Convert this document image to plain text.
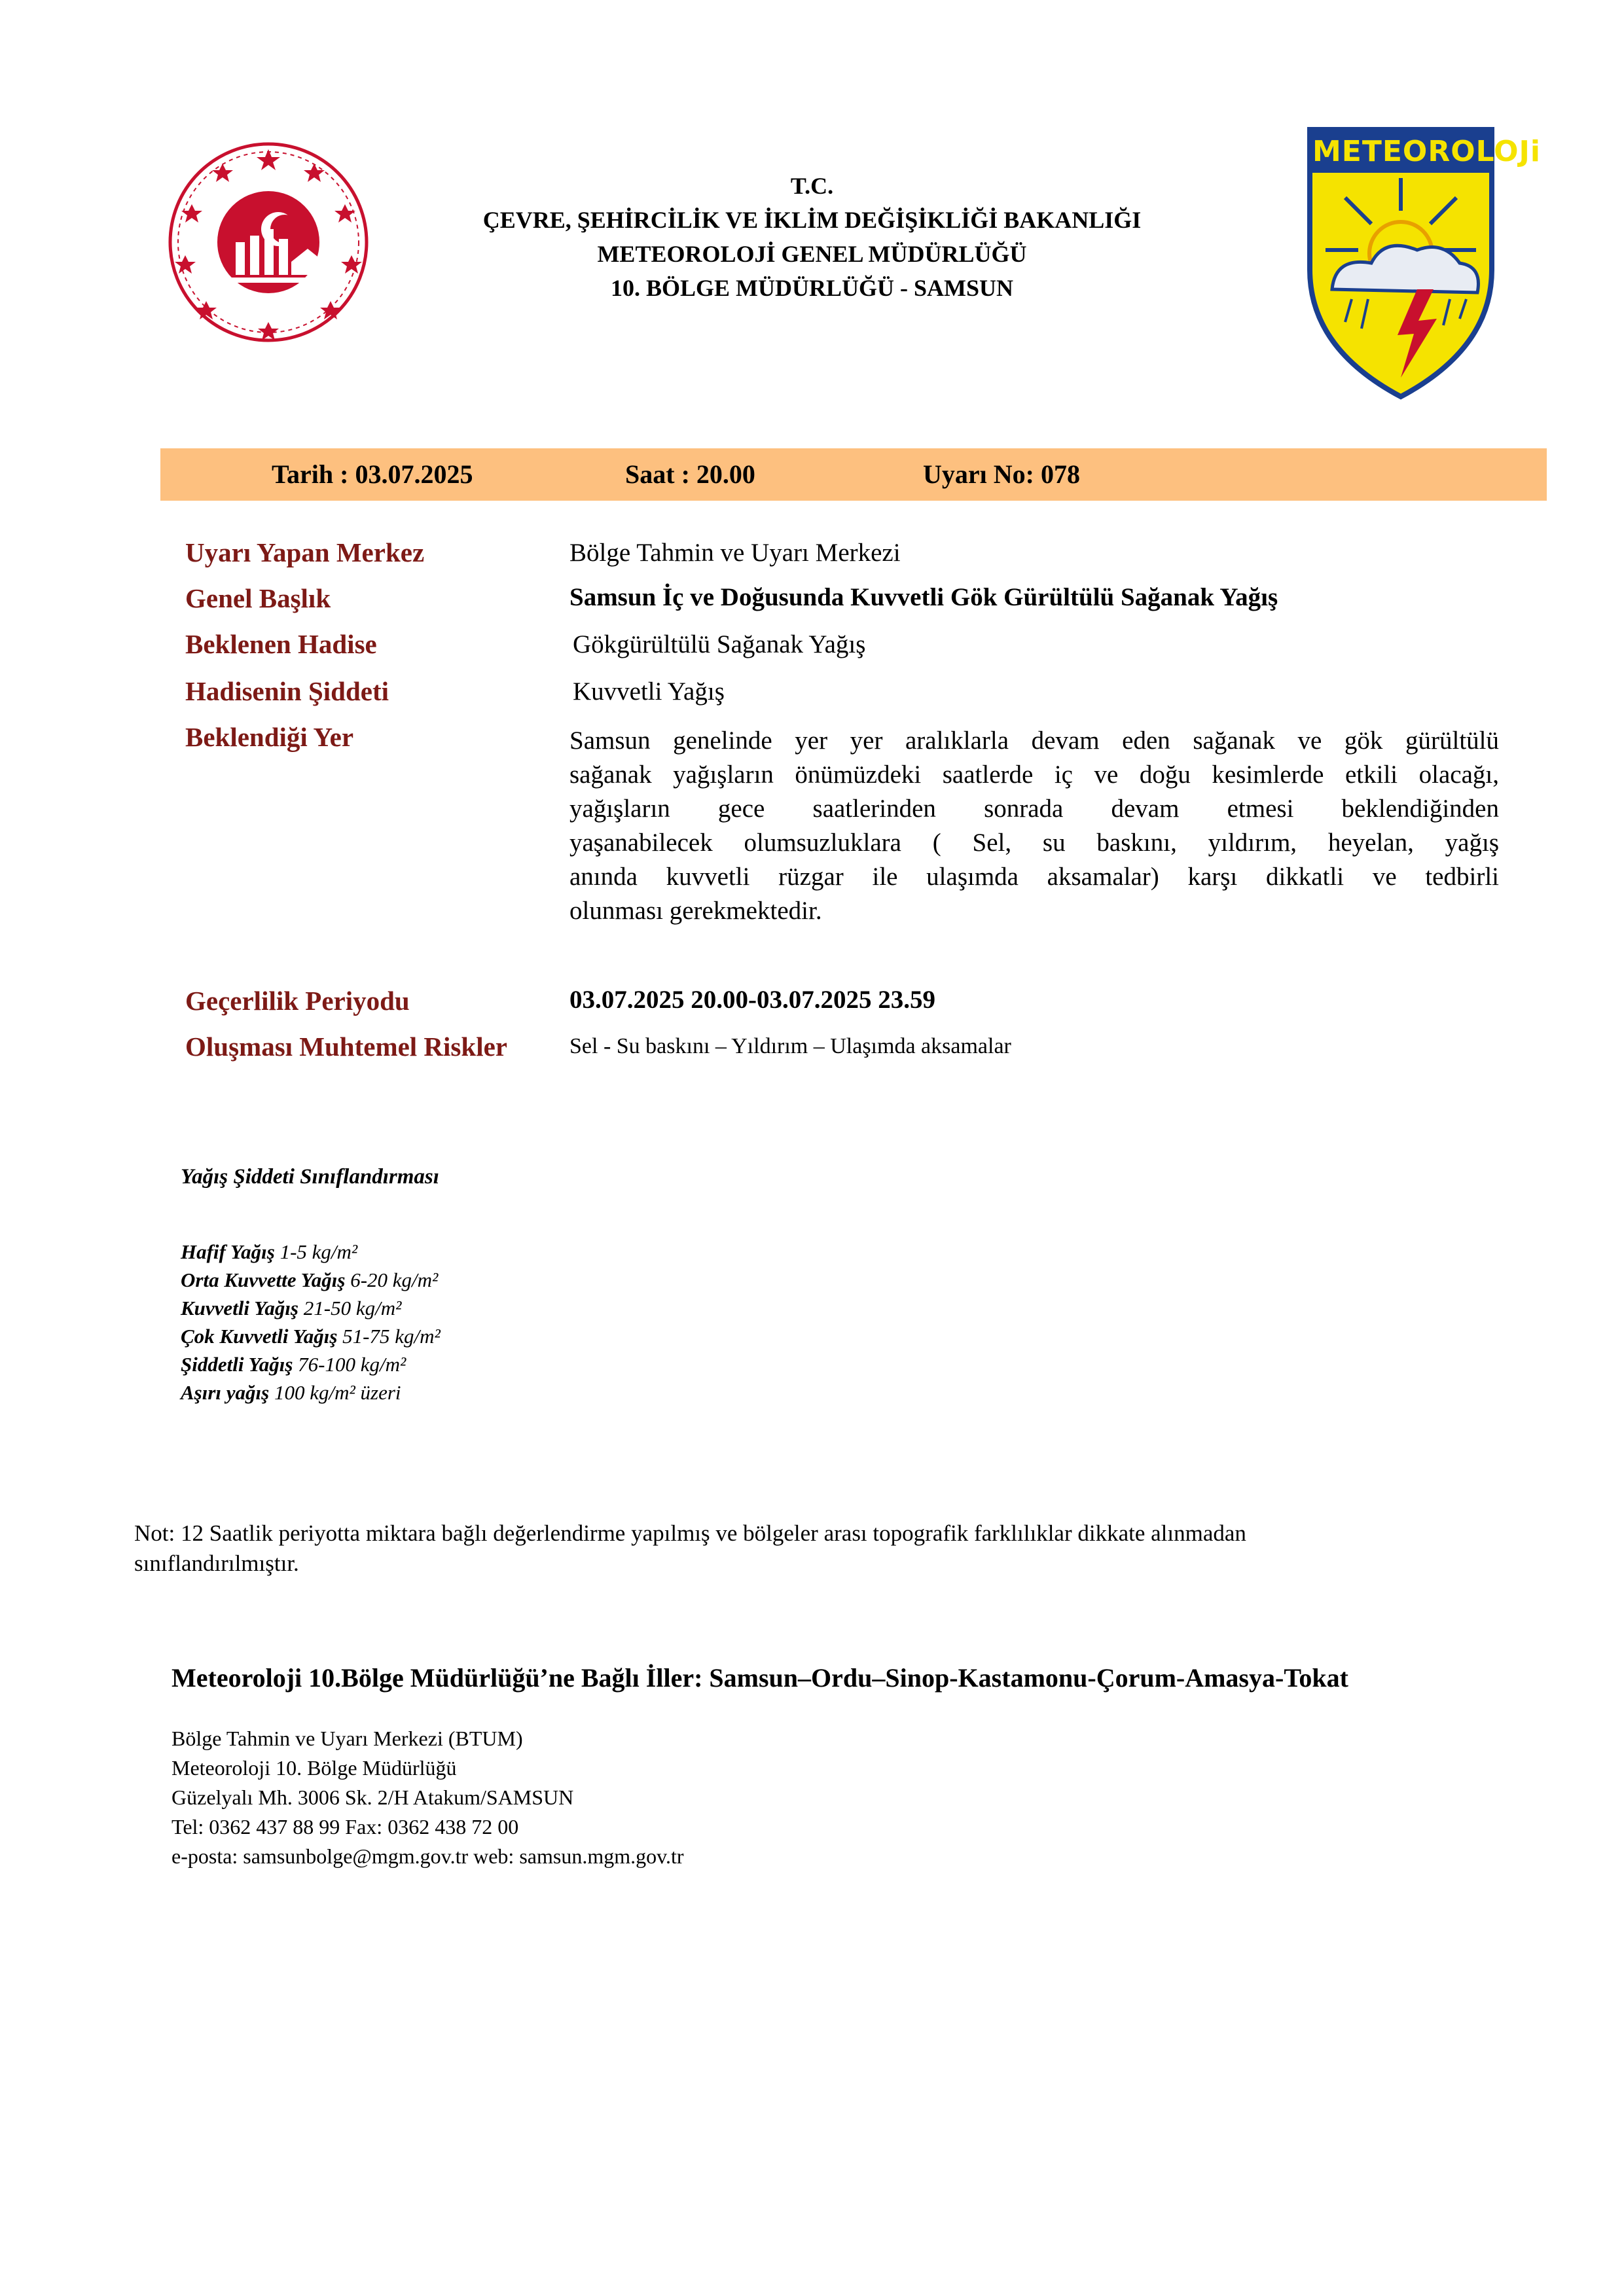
T.C.
ÇEVRE, ŞEHİRCİLİK VE İKLİM DEĞİŞİKLİĞİ BAKANLIĞI
METEOROLOJİ GENEL MÜDÜRLÜĞÜ
10. BÖLGE MÜDÜRLÜĞÜ - SAMSUN
METEOROLOJi
Tarih : 03.07.2025	Saat : 20.00	Uyarı No: 078
Uyarı Yapan Merkez	Bölge Tahmin ve Uyarı Merkezi
Genel Başlık	Samsun İç ve Doğusunda Kuvvetli Gök Gürültülü Sağanak Yağış
Beklenen Hadise	Gökgürültülü Sağanak Yağış
Hadisenin Şiddeti	Kuvvetli Yağış
Beklendiği Yer	Samsun genelinde yer yer aralıklarla devam eden sağanak ve gök gürültülü
sağanak yağışların önümüzdeki saatlerde iç ve doğu kesimlerde etkili olacağı,
yağışların gece saatlerinden sonrada devam etmesi beklendiğinden
yaşanabilecek olumsuzluklara ( Sel, su baskını, yıldırım, heyelan, yağış
anında kuvvetli rüzgar ile ulaşımda aksamalar) karşı dikkatli ve tedbirli
olunması gerekmektedir.
Geçerlilik Periyodu	03.07.2025 20.00-03.07.2025 23.59
Oluşması Muhtemel Riskler	Sel - Su baskını – Yıldırım – Ulaşımda aksamalar
Yağış Şiddeti Sınıflandırması
Hafif Yağış 1-5 kg/m²
Orta Kuvvette Yağış 6-20 kg/m²
Kuvvetli Yağış 21-50 kg/m²
Çok Kuvvetli Yağış 51-75 kg/m²
Şiddetli Yağış 76-100 kg/m²
Aşırı yağış 100 kg/m² üzeri
Not: 12 Saatlik periyotta miktara bağlı değerlendirme yapılmış ve bölgeler arası topografik farklılıklar dikkate alınmadan
sınıflandırılmıştır.
Meteoroloji 10.Bölge Müdürlüğü’ne Bağlı İller: Samsun–Ordu–Sinop-Kastamonu-Çorum-Amasya-Tokat
Bölge Tahmin ve Uyarı Merkezi (BTUM)
Meteoroloji 10. Bölge Müdürlüğü
Güzelyalı Mh. 3006 Sk. 2/H Atakum/SAMSUN
Tel: 0362 437 88 99 Fax: 0362 438 72 00
e-posta: samsunbolge@mgm.gov.tr web: samsun.mgm.gov.tr
